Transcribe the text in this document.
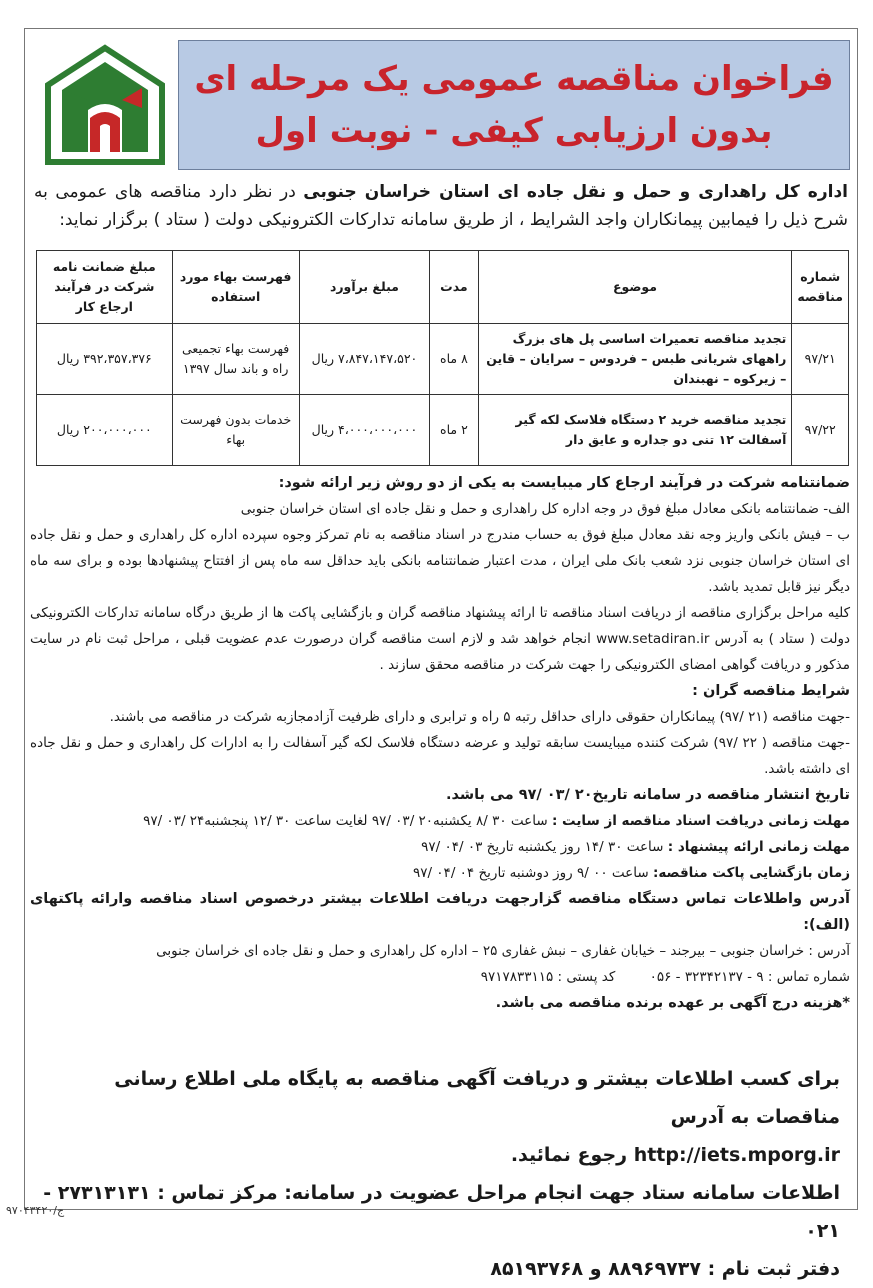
فراخوان مناقصه عمومی یک مرحله ای
بدون ارزیابی کیفی - نوبت اول
اداره کل راهداری و حمل و نقل جاده ای استان خراسان جنوبی در نظر دارد مناقصه های عمومی به شرح ذیل را فیمابین پیمانکاران واجد الشرایط ، از طریق سامانه تدارکات الکترونیکی دولت ( ستاد ) برگزار نماید:
شماره مناقصه	موضوع	مدت	مبلغ برآورد	فهرست بهاء مورد استفاده	مبلغ ضمانت نامه شرکت در فرآیند ارجاع کار
۹۷/۲۱	تجدید مناقصه تعمیرات اساسی پل های بزرگ راههای شریانی طبس – فردوس – سرایان – قاین – زیرکوه – نهبندان	۸ ماه	۷،۸۴۷،۱۴۷،۵۲۰ ریال	فهرست بهاء تجمیعی راه و باند سال ۱۳۹۷	۳۹۲،۳۵۷،۳۷۶ ریال
۹۷/۲۲	تجدید مناقصه خرید ۲ دستگاه فلاسک لکه گیر آسفالت ۱۲ تنی دو جداره و عایق دار	۲ ماه	۴،۰۰۰،۰۰۰،۰۰۰ ریال	خدمات بدون فهرست بهاء	۲۰۰،۰۰۰،۰۰۰ ریال

ضمانتنامه شرکت در فرآیند ارجاع کار میبایست به یکی از دو روش زیر ارائه شود:

الف- ضمانتنامه بانکی معادل مبلغ فوق در وجه اداره کل راهداری و حمل و نقل جاده ای استان خراسان جنوبی

ب – فیش بانکی واریز وجه نقد معادل مبلغ فوق به حساب مندرج در اسناد مناقصه به نام تمرکز وجوه سپرده اداره کل راهداری و حمل و نقل جاده ای استان خراسان جنوبی نزد شعب بانک ملی ایران ، مدت اعتبار ضمانتنامه بانکی باید حداقل سه ماه پس از افتتاح پیشنهادها بوده و برای سه ماه دیگر نیز قابل تمدید باشد.

کلیه مراحل برگزاری مناقصه از دریافت اسناد مناقصه تا ارائه پیشنهاد مناقصه گران و بازگشایی پاکت ها از طریق درگاه سامانه تدارکات الکترونیکی دولت ( ستاد ) به آدرس www.setadiran.ir انجام خواهد شد و لازم است مناقصه گران درصورت عدم عضویت قبلی ، مراحل ثبت نام در سایت مذکور و دریافت گواهی امضای الکترونیکی را جهت شرکت در مناقصه محقق سازند .

شرایط مناقصه گران :

-جهت مناقصه (۲۱ /۹۷) پیمانکاران حقوقی دارای حداقل رتبه ۵ راه و ترابری و دارای ظرفیت آزادمجازبه شرکت در مناقصه می باشند.

-جهت مناقصه ( ۲۲ /۹۷) شرکت کننده میبایست سابقه تولید و عرضه دستگاه فلاسک لکه گیر آسفالت را به ادارات کل راهداری و حمل و نقل جاده ای داشته باشد.

تاریخ انتشار مناقصه در سامانه تاریخ۲۰ /۰۳ /۹۷ می باشد.

مهلت زمانی دریافت اسناد مناقصه از سایت : ساعت ۳۰ /۸ یکشنبه۲۰ /۰۳ /۹۷ لغایت ساعت ۳۰ /۱۲ پنجشنبه۲۴ /۰۳ /۹۷

مهلت زمانی ارائه پیشنهاد : ساعت ۳۰ /۱۴ روز یکشنبه تاریخ ۰۳ /۰۴ /۹۷

زمان بازگشایی پاکت مناقصه: ساعت ۰۰ /۹ روز دوشنبه تاریخ ۰۴ /۰۴ /۹۷

آدرس واطلاعات تماس دستگاه مناقصه گزارجهت دریافت اطلاعات بیشتر درخصوص اسناد مناقصه وارائه پاکتهای (الف):

آدرس : خراسان جنوبی – بیرجند – خیابان غفاری – نبش غفاری ۲۵ – اداره کل راهداری و حمل و نقل جاده ای خراسان جنوبی

شماره تماس : ۹ - ۳۲۳۴۲۱۳۷ - ۰۵۶        کد پستی : ۹۷۱۷۸۳۳۱۱۵

*هزینه درج آگهی بر عهده برنده مناقصه می باشد.

برای کسب اطلاعات بیشتر و دریافت آگهی مناقصه به پایگاه ملی اطلاع رسانی مناقصات به آدرس

http://iets.mporg.ir رجوع نمائید.

اطلاعات سامانه ستاد جهت انجام مراحل عضویت در سامانه: مرکز تماس : ۲۷۳۱۳۱۳۱ - ۰۲۱

دفتر ثبت نام : ۸۸۹۶۹۷۳۷ و ۸۵۱۹۳۷۶۸

ج/۹۷۰۴۳۴۲۰
